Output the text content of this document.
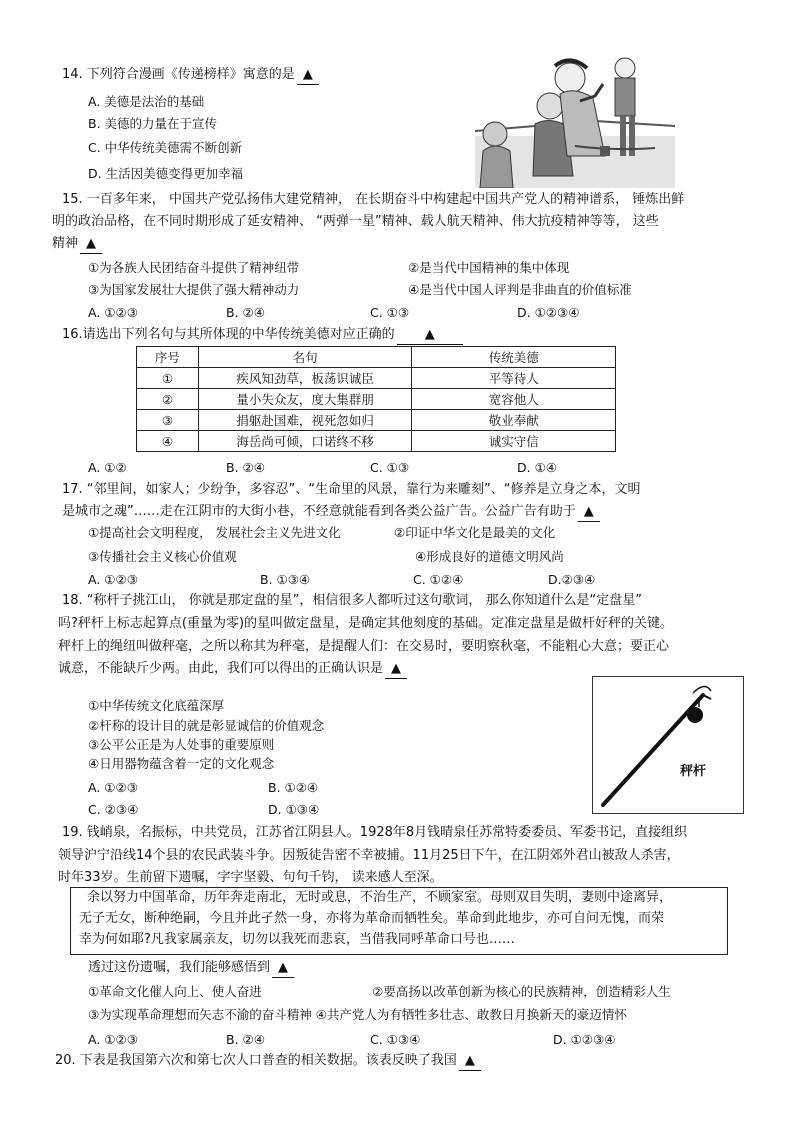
14. 下列符合漫画《传递榜样》寓意的是 ▲
A. 美德是法治的基础
B. 美德的力量在于宣传
C. 中华传统美德需不断创新
D. 生活因美德变得更加幸福
15. 一百多年来， 中国共产党弘扬伟大建党精神， 在长期奋斗中构建起中国共产党人的精神谱系， 锤炼出鲜
明的政治品格，在不同时期形成了延安精神、 “两弹一星”精神、载人航天精神、伟大抗疫精神等等， 这些
精神 ▲
①为各族人民团结奋斗提供了精神纽带	②是当代中国精神的集中体现
③为国家发展壮大提供了强大精神动力	④是当代中国人评判是非曲直的价值标准
A. ①②③	B. ②④	C. ①③	D. ①②③④
16.请选出下列名句与其所体现的中华传统美德对应正确的 ▲
序号	名句	传统美德
①	疾风知劲草，板荡识诚臣	平等待人
②	量小失众友，度大集群朋	宽容他人
③	捐躯赴国难，视死忽如归	敬业奉献
④	海岳尚可倾，口诺终不移	诚实守信
A. ①②	B. ②④	C. ①③	D. ①④
17. “邻里间，如家人；少纷争，多容忍”、“生命里的风景，靠行为来雕刻”、“修养是立身之本，文明
是城市之魂”……走在江阴市的大街小巷，不经意就能看到各类公益广告。公益广告有助于 ▲
①提高社会文明程度， 发展社会主义先进文化	②印证中华文化是最美的文化
③传播社会主义核心价值观	④形成良好的道德文明风尚
A. ①②③	B. ①③④	C. ①②④	D.②③④
18. “称杆子挑江山， 你就是那定盘的星”，相信很多人都听过这句歌词， 那么你知道什么是“定盘星”
吗?秤杆上标志起算点(重量为零)的星叫做定盘星，是确定其他刻度的基础。定准定盘星是做杆好秤的关键。
秤杆上的绳纽叫做秤毫，之所以称其为秤毫，是提醒人们：在交易时，要明察秋毫，不能粗心大意；要正心
诚意，不能缺斤少两。由此，我们可以得出的正确认识是 ▲
①中华传统文化底蕴深厚
②杆称的设计目的就是彰显诚信的价值观念
③公平公正是为人处事的重要原则
④日用器物蕴含着一定的文化观念
A. ①②③	B. ①②④
C. ②③④	D. ①③④
秤杆
19. 钱峭泉，名振标，中共党员，江苏省江阴县人。1928年8月钱晴泉任苏常特委委员、军委书记，直接组织
领导沪宁沿线14个县的农民武装斗争。因叛徒告密不幸被捕。11月25日下午，在江阴郊外君山被敌人杀害，
时年33岁。生前留下遗嘱，字字坚毅、句句千钧， 读来感人至深。
余以努力中国革命，历年奔走南北，无时或息，不治生产，不顾家室。母则双目失明，妻则中途离异，
无子无女，断种绝嗣，今且并此孑然一身，亦将为革命而牺牲矣。革命到此地步，亦可自问无愧，而荣
幸为何如耶?凡我家属亲友，切勿以我死而悲哀，当借我同呼革命口号也……
透过这份遗嘱，我们能够感悟到 ▲
①革命文化催人向上、使人奋进	②要高扬以改革创新为核心的民族精神，创造精彩人生
③为实现革命理想而矢志不渝的奋斗精神 ④共产党人为有牺牲多壮志、敢教日月换新天的豪迈情怀
A. ①②③	B. ②④	C. ①③④	D. ①②③④
20. 下表是我国第六次和第七次人口普查的相关数据。该表反映了我国 ▲
